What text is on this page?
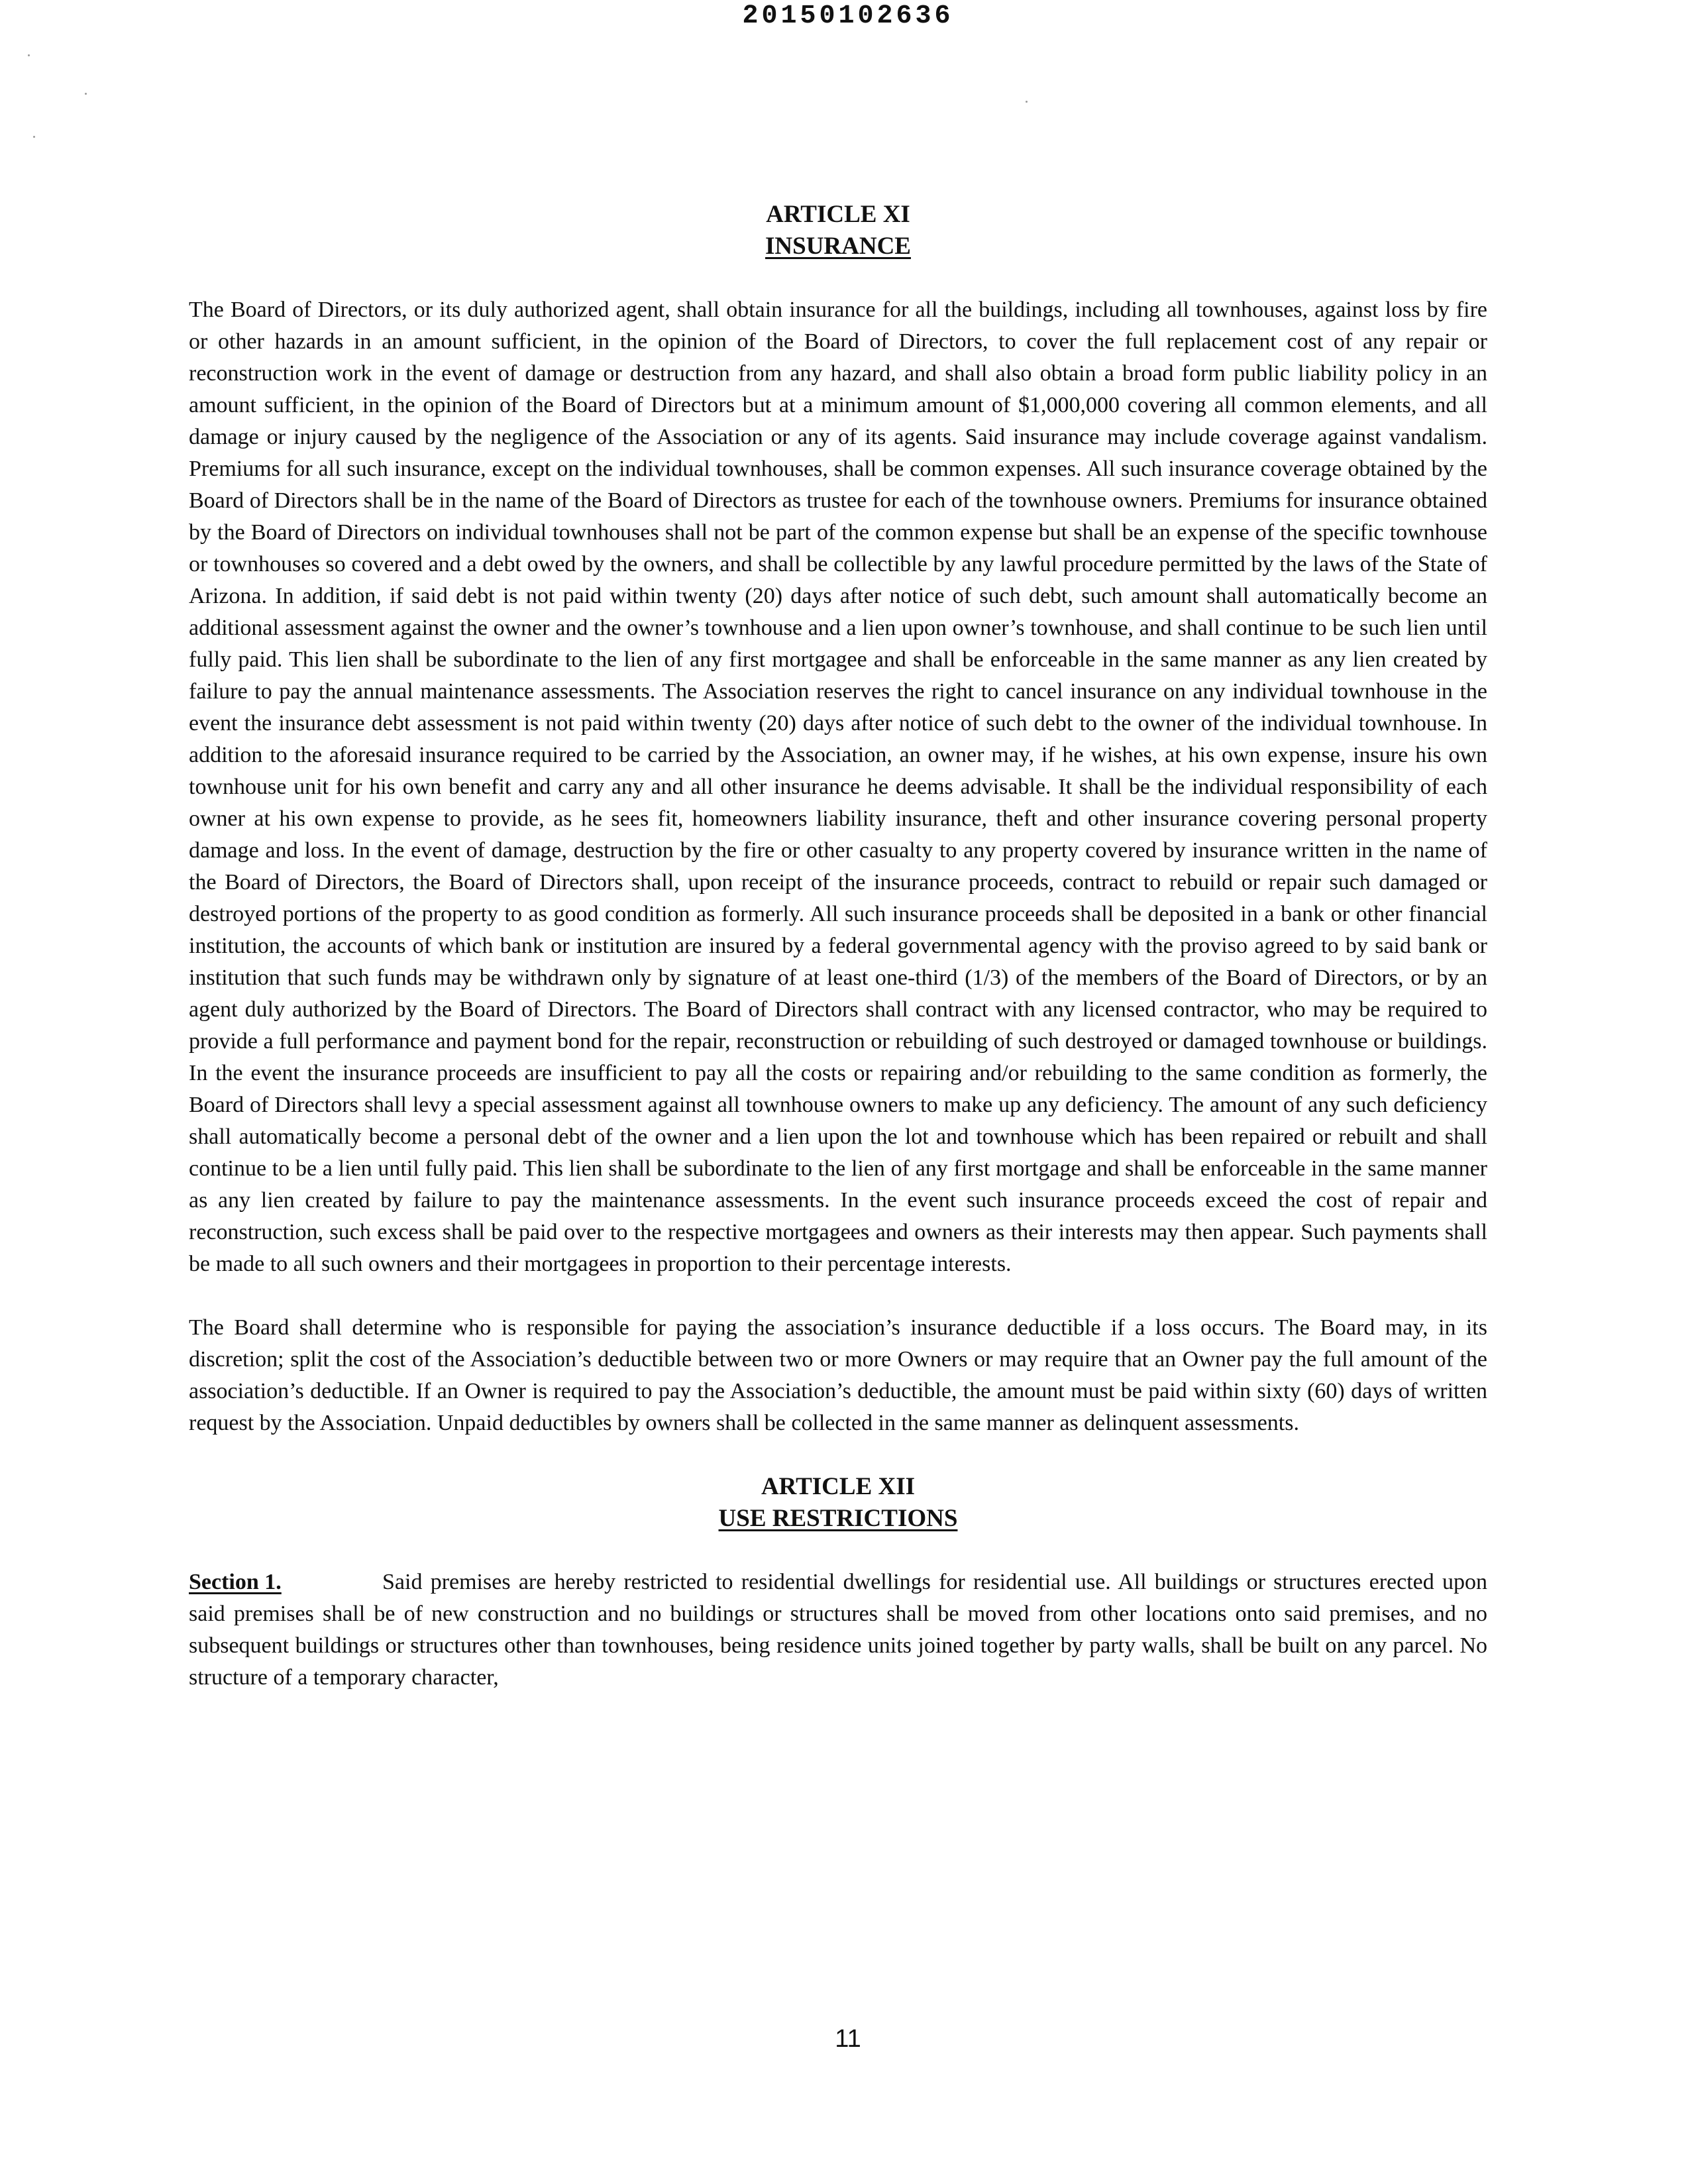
20150102636
ARTICLE XI
INSURANCE

The Board of Directors, or its duly authorized agent, shall obtain insurance for all the buildings, including all townhouses, against loss by fire or other hazards in an amount sufficient, in the opinion of the Board of Directors, to cover the full replacement cost of any repair or reconstruction work in the event of damage or destruction from any hazard, and shall also obtain a broad form public liability policy in an amount sufficient, in the opinion of the Board of Directors but at a minimum amount of $1,000,000 covering all common elements, and all damage or injury caused by the negligence of the Association or any of its agents. Said insurance may include coverage against vandalism. Premiums for all such insurance, except on the individual townhouses, shall be common expenses. All such insurance coverage obtained by the Board of Directors shall be in the name of the Board of Directors as trustee for each of the townhouse owners. Premiums for insurance obtained by the Board of Directors on individual townhouses shall not be part of the common expense but shall be an expense of the specific townhouse or townhouses so covered and a debt owed by the owners, and shall be collectible by any lawful procedure permitted by the laws of the State of Arizona. In addition, if said debt is not paid within twenty (20) days after notice of such debt, such amount shall automatically become an additional assessment against the owner and the owner’s townhouse and a lien upon owner’s townhouse, and shall continue to be such lien until fully paid. This lien shall be subordinate to the lien of any first mortgagee and shall be enforceable in the same manner as any lien created by failure to pay the annual maintenance assessments. The Association reserves the right to cancel insurance on any individual townhouse in the event the insurance debt assessment is not paid within twenty (20) days after notice of such debt to the owner of the individual townhouse. In addition to the aforesaid insurance required to be carried by the Association, an owner may, if he wishes, at his own expense, insure his own townhouse unit for his own benefit and carry any and all other insurance he deems advisable. It shall be the individual responsibility of each owner at his own expense to provide, as he sees fit, homeowners liability insurance, theft and other insurance covering personal property damage and loss. In the event of damage, destruction by the fire or other casualty to any property covered by insurance written in the name of the Board of Directors, the Board of Directors shall, upon receipt of the insurance proceeds, contract to rebuild or repair such damaged or destroyed portions of the property to as good condition as formerly. All such insurance proceeds shall be deposited in a bank or other financial institution, the accounts of which bank or institution are insured by a federal governmental agency with the proviso agreed to by said bank or institution that such funds may be withdrawn only by signature of at least one-third (1/3) of the members of the Board of Directors, or by an agent duly authorized by the Board of Directors. The Board of Directors shall contract with any licensed contractor, who may be required to provide a full performance and payment bond for the repair, reconstruction or rebuilding of such destroyed or damaged townhouse or buildings. In the event the insurance proceeds are insufficient to pay all the costs or repairing and/or rebuilding to the same condition as formerly, the Board of Directors shall levy a special assessment against all townhouse owners to make up any deficiency. The amount of any such deficiency shall automatically become a personal debt of the owner and a lien upon the lot and townhouse which has been repaired or rebuilt and shall continue to be a lien until fully paid. This lien shall be subordinate to the lien of any first mortgage and shall be enforceable in the same manner as any lien created by failure to pay the maintenance assessments. In the event such insurance proceeds exceed the cost of repair and reconstruction, such excess shall be paid over to the respective mortgagees and owners as their interests may then appear. Such payments shall be made to all such owners and their mortgagees in proportion to their percentage interests.

The Board shall determine who is responsible for paying the association’s insurance deductible if a loss occurs. The Board may, in its discretion; split the cost of the Association’s deductible between two or more Owners or may require that an Owner pay the full amount of the association’s deductible. If an Owner is required to pay the Association’s deductible, the amount must be paid within sixty (60) days of written request by the Association. Unpaid deductibles by owners shall be collected in the same manner as delinquent assessments.

ARTICLE XII
USE RESTRICTIONS

Section 1.	Said premises are hereby restricted to residential dwellings for residential use. All buildings or structures erected upon said premises shall be of new construction and no buildings or structures shall be moved from other locations onto said premises, and no subsequent buildings or structures other than townhouses, being residence units joined together by party walls, shall be built on any parcel. No structure of a temporary character,

11
